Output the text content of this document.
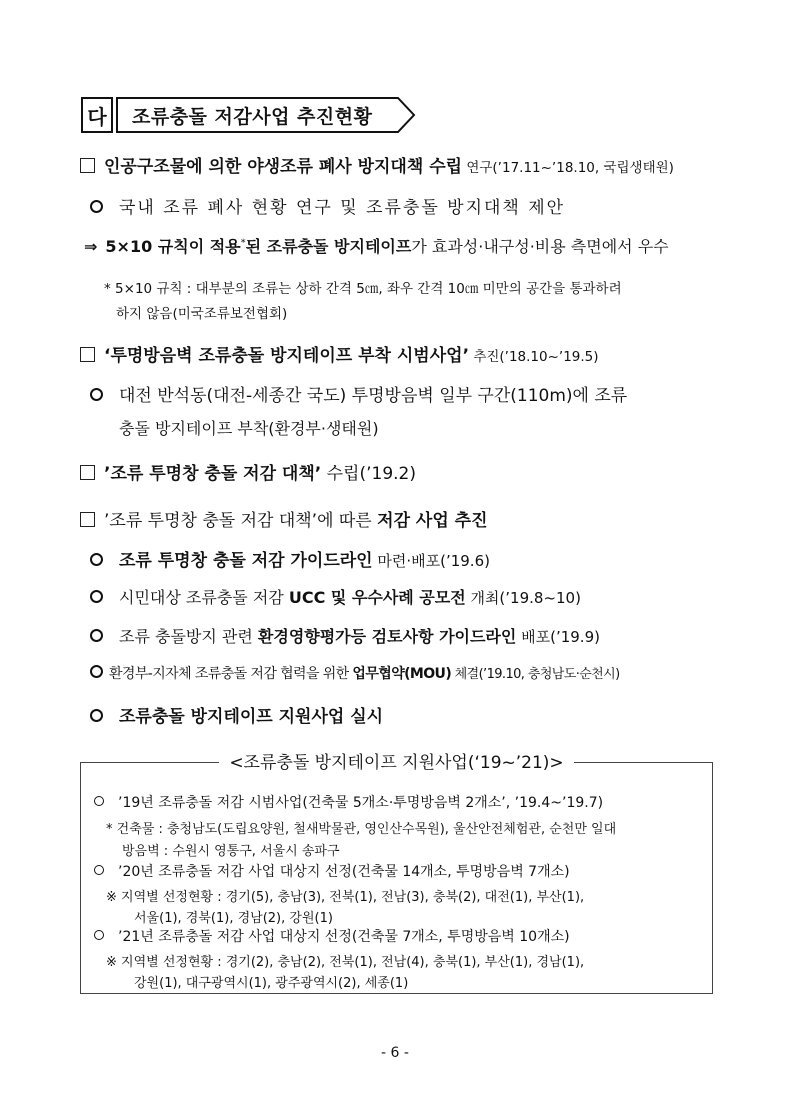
다	조류충돌 저감사업 추진현황
인공구조물에 의한 야생조류 폐사 방지대책 수립 연구(’17.11~’18.10, 국립생태원)
국내 조류 폐사 현황 연구 및 조류충돌 방지대책 제안
⇒ 5×10 규칙이 적용*된 조류충돌 방지테이프가 효과성·내구성·비용 측면에서 우수
* 5×10 규칙 : 대부분의 조류는 상하 간격 5㎝, 좌우 간격 10㎝ 미만의 공간을 통과하려
하지 않음(미국조류보전협회)
‘투명방음벽 조류충돌 방지테이프 부착 시범사업’ 추진(’18.10~’19.5)
대전 반석동(대전-세종간 국도) 투명방음벽 일부 구간(110m)에 조류
충돌 방지테이프 부착(환경부·생태원)
’조류 투명창 충돌 저감 대책’ 수립(’19.2)
’조류 투명창 충돌 저감 대책’에 따른 저감 사업 추진
조류 투명창 충돌 저감 가이드라인 마련·배포(’19.6)
시민대상 조류충돌 저감 UCC 및 우수사례 공모전 개최(’19.8~10)
조류 충돌방지 관련 환경영향평가등 검토사항 가이드라인 배포(’19.9)
환경부-지자체 조류충돌 저감 협력을 위한 업무협약(MOU) 체결(’19.10, 충청남도·순천시)
조류충돌 방지테이프 지원사업 실시
<조류충돌 방지테이프 지원사업(‘19~’21)>
’19년 조류충돌 저감 시범사업(건축물 5개소·투명방음벽 2개소’, ’19.4~’19.7)
* 건축물 : 충청남도(도립요양원, 철새박물관, 영인산수목원), 울산안전체험관, 순천만 일대
방음벽 : 수원시 영통구, 서울시 송파구
’20년 조류충돌 저감 사업 대상지 선정(건축물 14개소, 투명방음벽 7개소)
※ 지역별 선정현황 : 경기(5), 충남(3), 전북(1), 전남(3), 충북(2), 대전(1), 부산(1),
서울(1), 경북(1), 경남(2), 강원(1)
’21년 조류충돌 저감 사업 대상지 선정(건축물 7개소, 투명방음벽 10개소)
※ 지역별 선정현황 : 경기(2), 충남(2), 전북(1), 전남(4), 충북(1), 부산(1), 경남(1),
강원(1), 대구광역시(1), 광주광역시(2), 세종(1)
- 6 -
